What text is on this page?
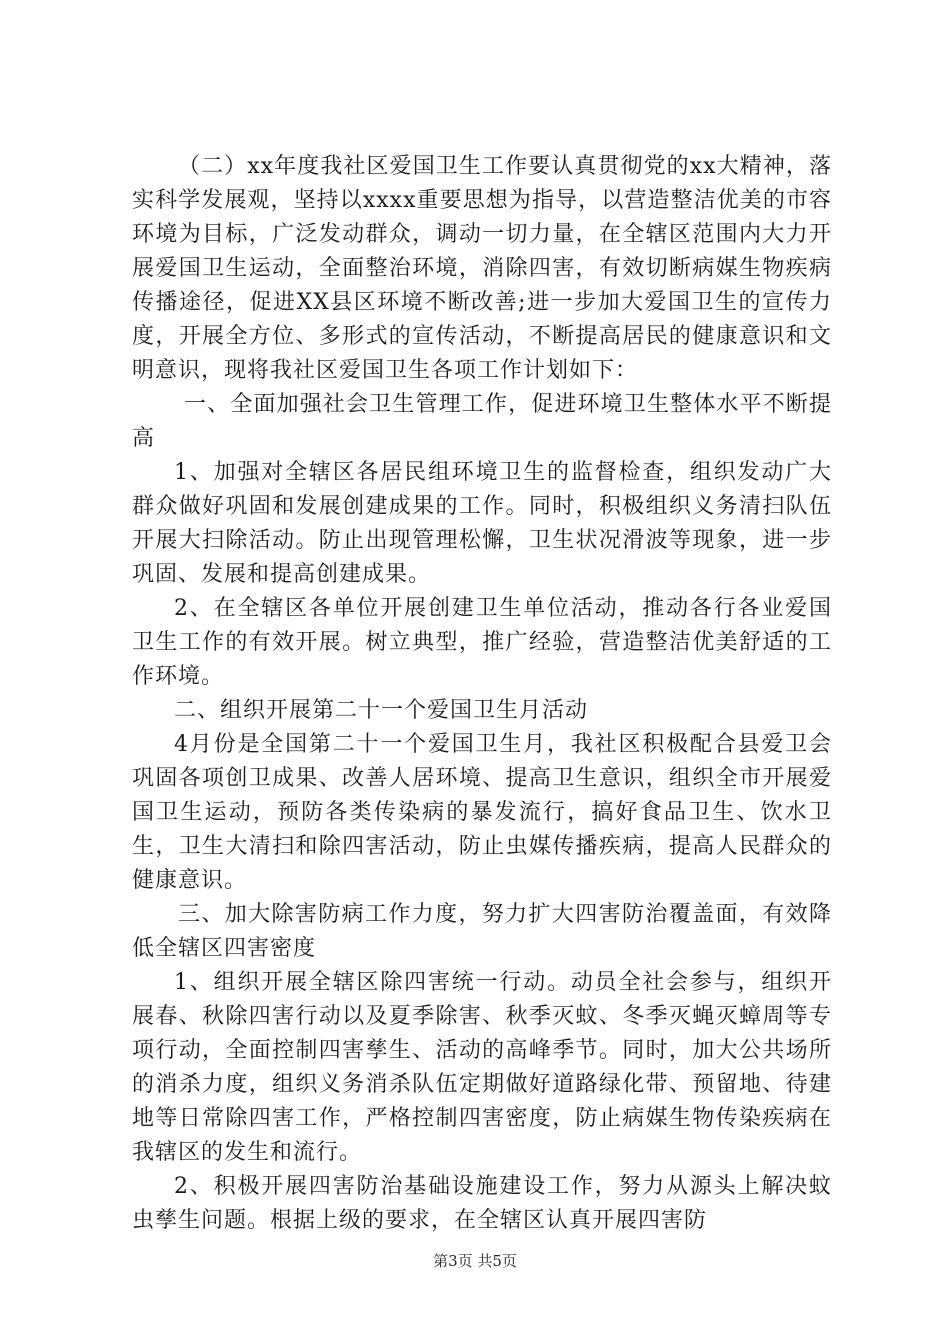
（二）xx年度我社区爱国卫生工作要认真贯彻党的xx大精神，落实科学发展观，坚持以xxxx重要思想为指导，以营造整洁优美的市容环境为目标，广泛发动群众，调动一切力量，在全辖区范围内大力开展爱国卫生运动，全面整治环境，消除四害，有效切断病媒生物疾病传播途径，促进XX县区环境不断改善;进一步加大爱国卫生的宣传力度，开展全方位、多形式的宣传活动，不断提高居民的健康意识和文明意识，现将我社区爱国卫生各项工作计划如下：

一、全面加强社会卫生管理工作，促进环境卫生整体水平不断提高

1、加强对全辖区各居民组环境卫生的监督检查，组织发动广大群众做好巩固和发展创建成果的工作。同时，积极组织义务清扫队伍开展大扫除活动。防止出现管理松懈，卫生状况滑波等现象，进一步巩固、发展和提高创建成果。

2、在全辖区各单位开展创建卫生单位活动，推动各行各业爱国卫生工作的有效开展。树立典型，推广经验，营造整洁优美舒适的工作环境。

二、组织开展第二十一个爱国卫生月活动

4月份是全国第二十一个爱国卫生月，我社区积极配合县爱卫会巩固各项创卫成果、改善人居环境、提高卫生意识，组织全市开展爱国卫生运动，预防各类传染病的暴发流行，搞好食品卫生、饮水卫生，卫生大清扫和除四害活动，防止虫媒传播疾病，提高人民群众的健康意识。

三、加大除害防病工作力度，努力扩大四害防治覆盖面，有效降低全辖区四害密度

1、组织开展全辖区除四害统一行动。动员全社会参与，组织开展春、秋除四害行动以及夏季除害、秋季灭蚊、冬季灭蝇灭蟑周等专项行动，全面控制四害孳生、活动的高峰季节。同时，加大公共场所的消杀力度，组织义务消杀队伍定期做好道路绿化带、预留地、待建地等日常除四害工作，严格控制四害密度，防止病媒生物传染疾病在我辖区的发生和流行。

2、积极开展四害防治基础设施建设工作，努力从源头上解决蚊虫孳生问题。根据上级的要求，在全辖区认真开展四害防

第3页 共5页
